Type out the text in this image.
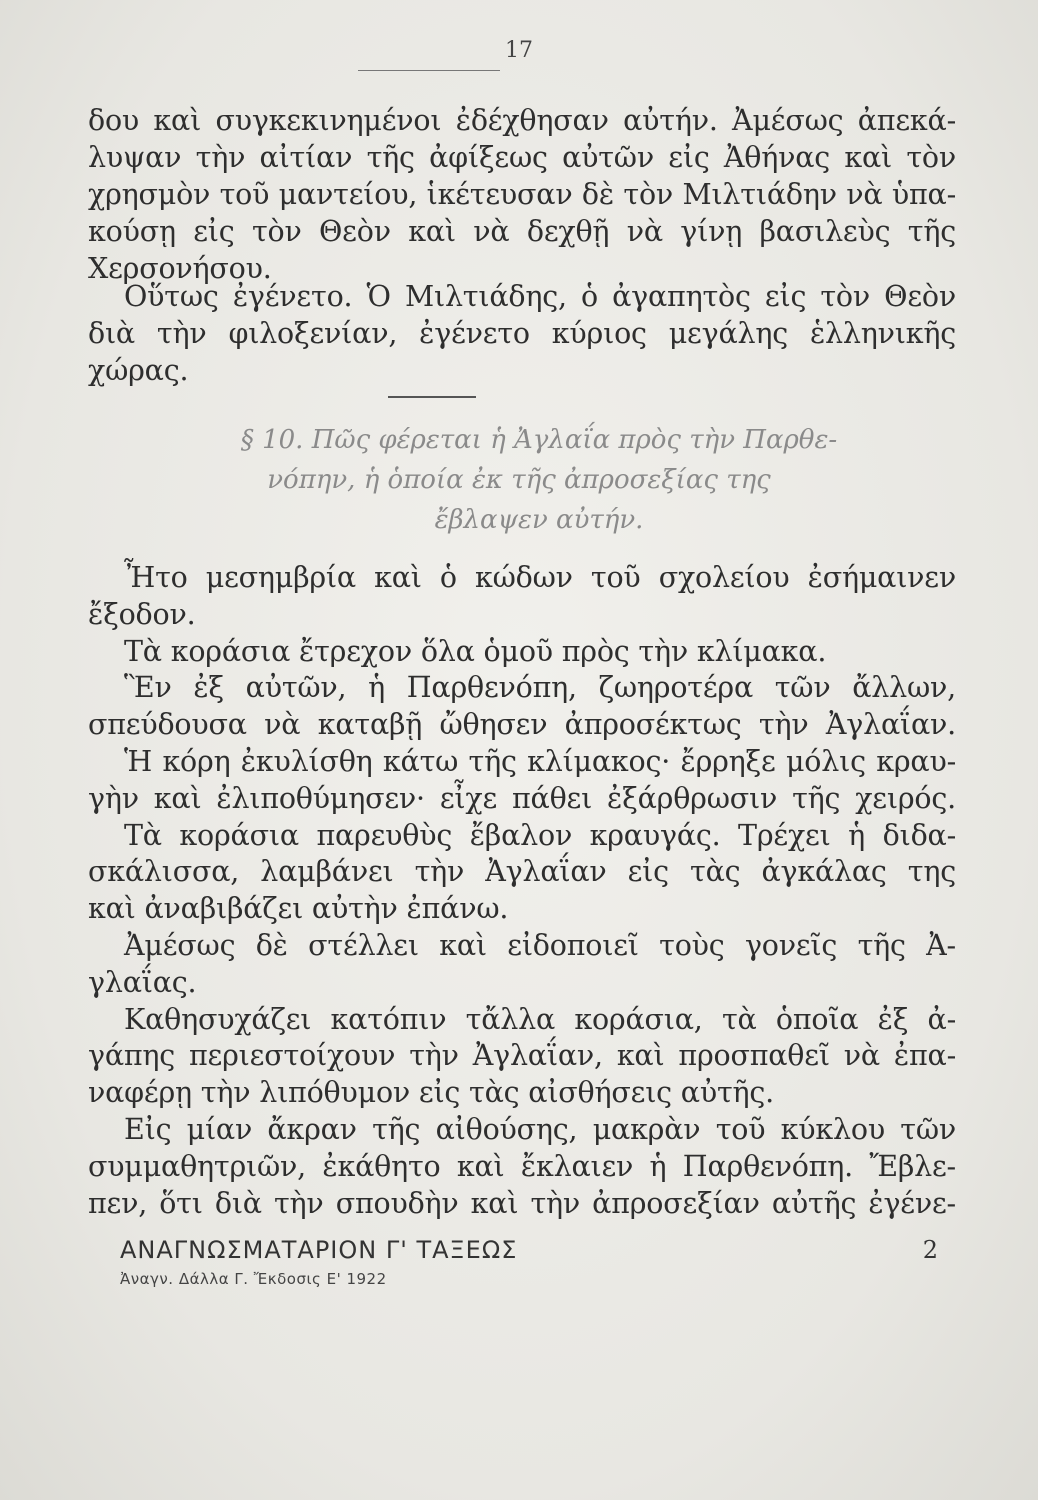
17
δου καὶ συγκεκινημένοι ἐδέχθησαν αὐτήν. Ἀμέσως ἀπεκά-
λυψαν τὴν αἰτίαν τῆς ἀφίξεως αὐτῶν εἰς Ἀθήνας καὶ τὸν
χρησμὸν τοῦ μαντείου, ἱκέτευσαν δὲ τὸν Μιλτιάδην νὰ ὑπα-
κούσῃ εἰς τὸν Θεὸν καὶ νὰ δεχθῇ νὰ γίνῃ βασιλεὺς τῆς
Χερσονήσου.
Οὕτως ἐγένετο. Ὁ Μιλτιάδης, ὁ ἀγαπητὸς εἰς τὸν Θεὸν
διὰ τὴν φιλοξενίαν, ἐγένετο κύριος μεγάλης ἑλληνικῆς
χώρας.
§ 10. Πῶς φέρεται ἡ Ἀγλαΐα πρὸς τὴν Παρθε-
νόπην, ἡ ὁποία ἐκ τῆς ἀπροσεξίας της
ἔβλαψεν αὐτήν.
Ἦτο μεσημβρία καὶ ὁ κώδων τοῦ σχολείου ἐσήμαινεν
ἔξοδον.
Τὰ κοράσια ἔτρεχον ὅλα ὁμοῦ πρὸς τὴν κλίμακα.
Ἓν ἐξ αὐτῶν, ἡ Παρθενόπη, ζωηροτέρα τῶν ἄλλων,
σπεύδουσα νὰ καταβῇ ὤθησεν ἀπροσέκτως τὴν Ἀγλαΐαν.
Ἡ κόρη ἐκυλίσθη κάτω τῆς κλίμακος· ἔρρηξε μόλις κραυ-
γὴν καὶ ἐλιποθύμησεν· εἶχε πάθει ἐξάρθρωσιν τῆς χειρός.
Τὰ κοράσια παρευθὺς ἔβαλον κραυγάς. Τρέχει ἡ διδα-
σκάλισσα, λαμβάνει τὴν Ἀγλαΐαν εἰς τὰς ἀγκάλας της
καὶ ἀναβιβάζει αὐτὴν ἐπάνω.
Ἀμέσως δὲ στέλλει καὶ εἰδοποιεῖ τοὺς γονεῖς τῆς Ἀ-
γλαΐας.
Καθησυχάζει κατόπιν τἄλλα κοράσια, τὰ ὁποῖα ἐξ ἀ-
γάπης περιεστοίχουν τὴν Ἀγλαΐαν, καὶ προσπαθεῖ νὰ ἐπα-
ναφέρῃ τὴν λιπόθυμον εἰς τὰς αἰσθήσεις αὐτῆς.
Εἰς μίαν ἄκραν τῆς αἰθούσης, μακρὰν τοῦ κύκλου τῶν
συμμαθητριῶν, ἐκάθητο καὶ ἔκλαιεν ἡ Παρθενόπη. Ἔβλε-
πεν, ὅτι διὰ τὴν σπουδὴν καὶ τὴν ἀπροσεξίαν αὐτῆς ἐγένε-
ΑΝΑΓΝΩΣΜΑΤΑΡΙΟΝ Γ' ΤΑΞΕΩΣ	2
Ἀναγν. Δάλλα Γ. Ἔκδοσις Ε' 1922
